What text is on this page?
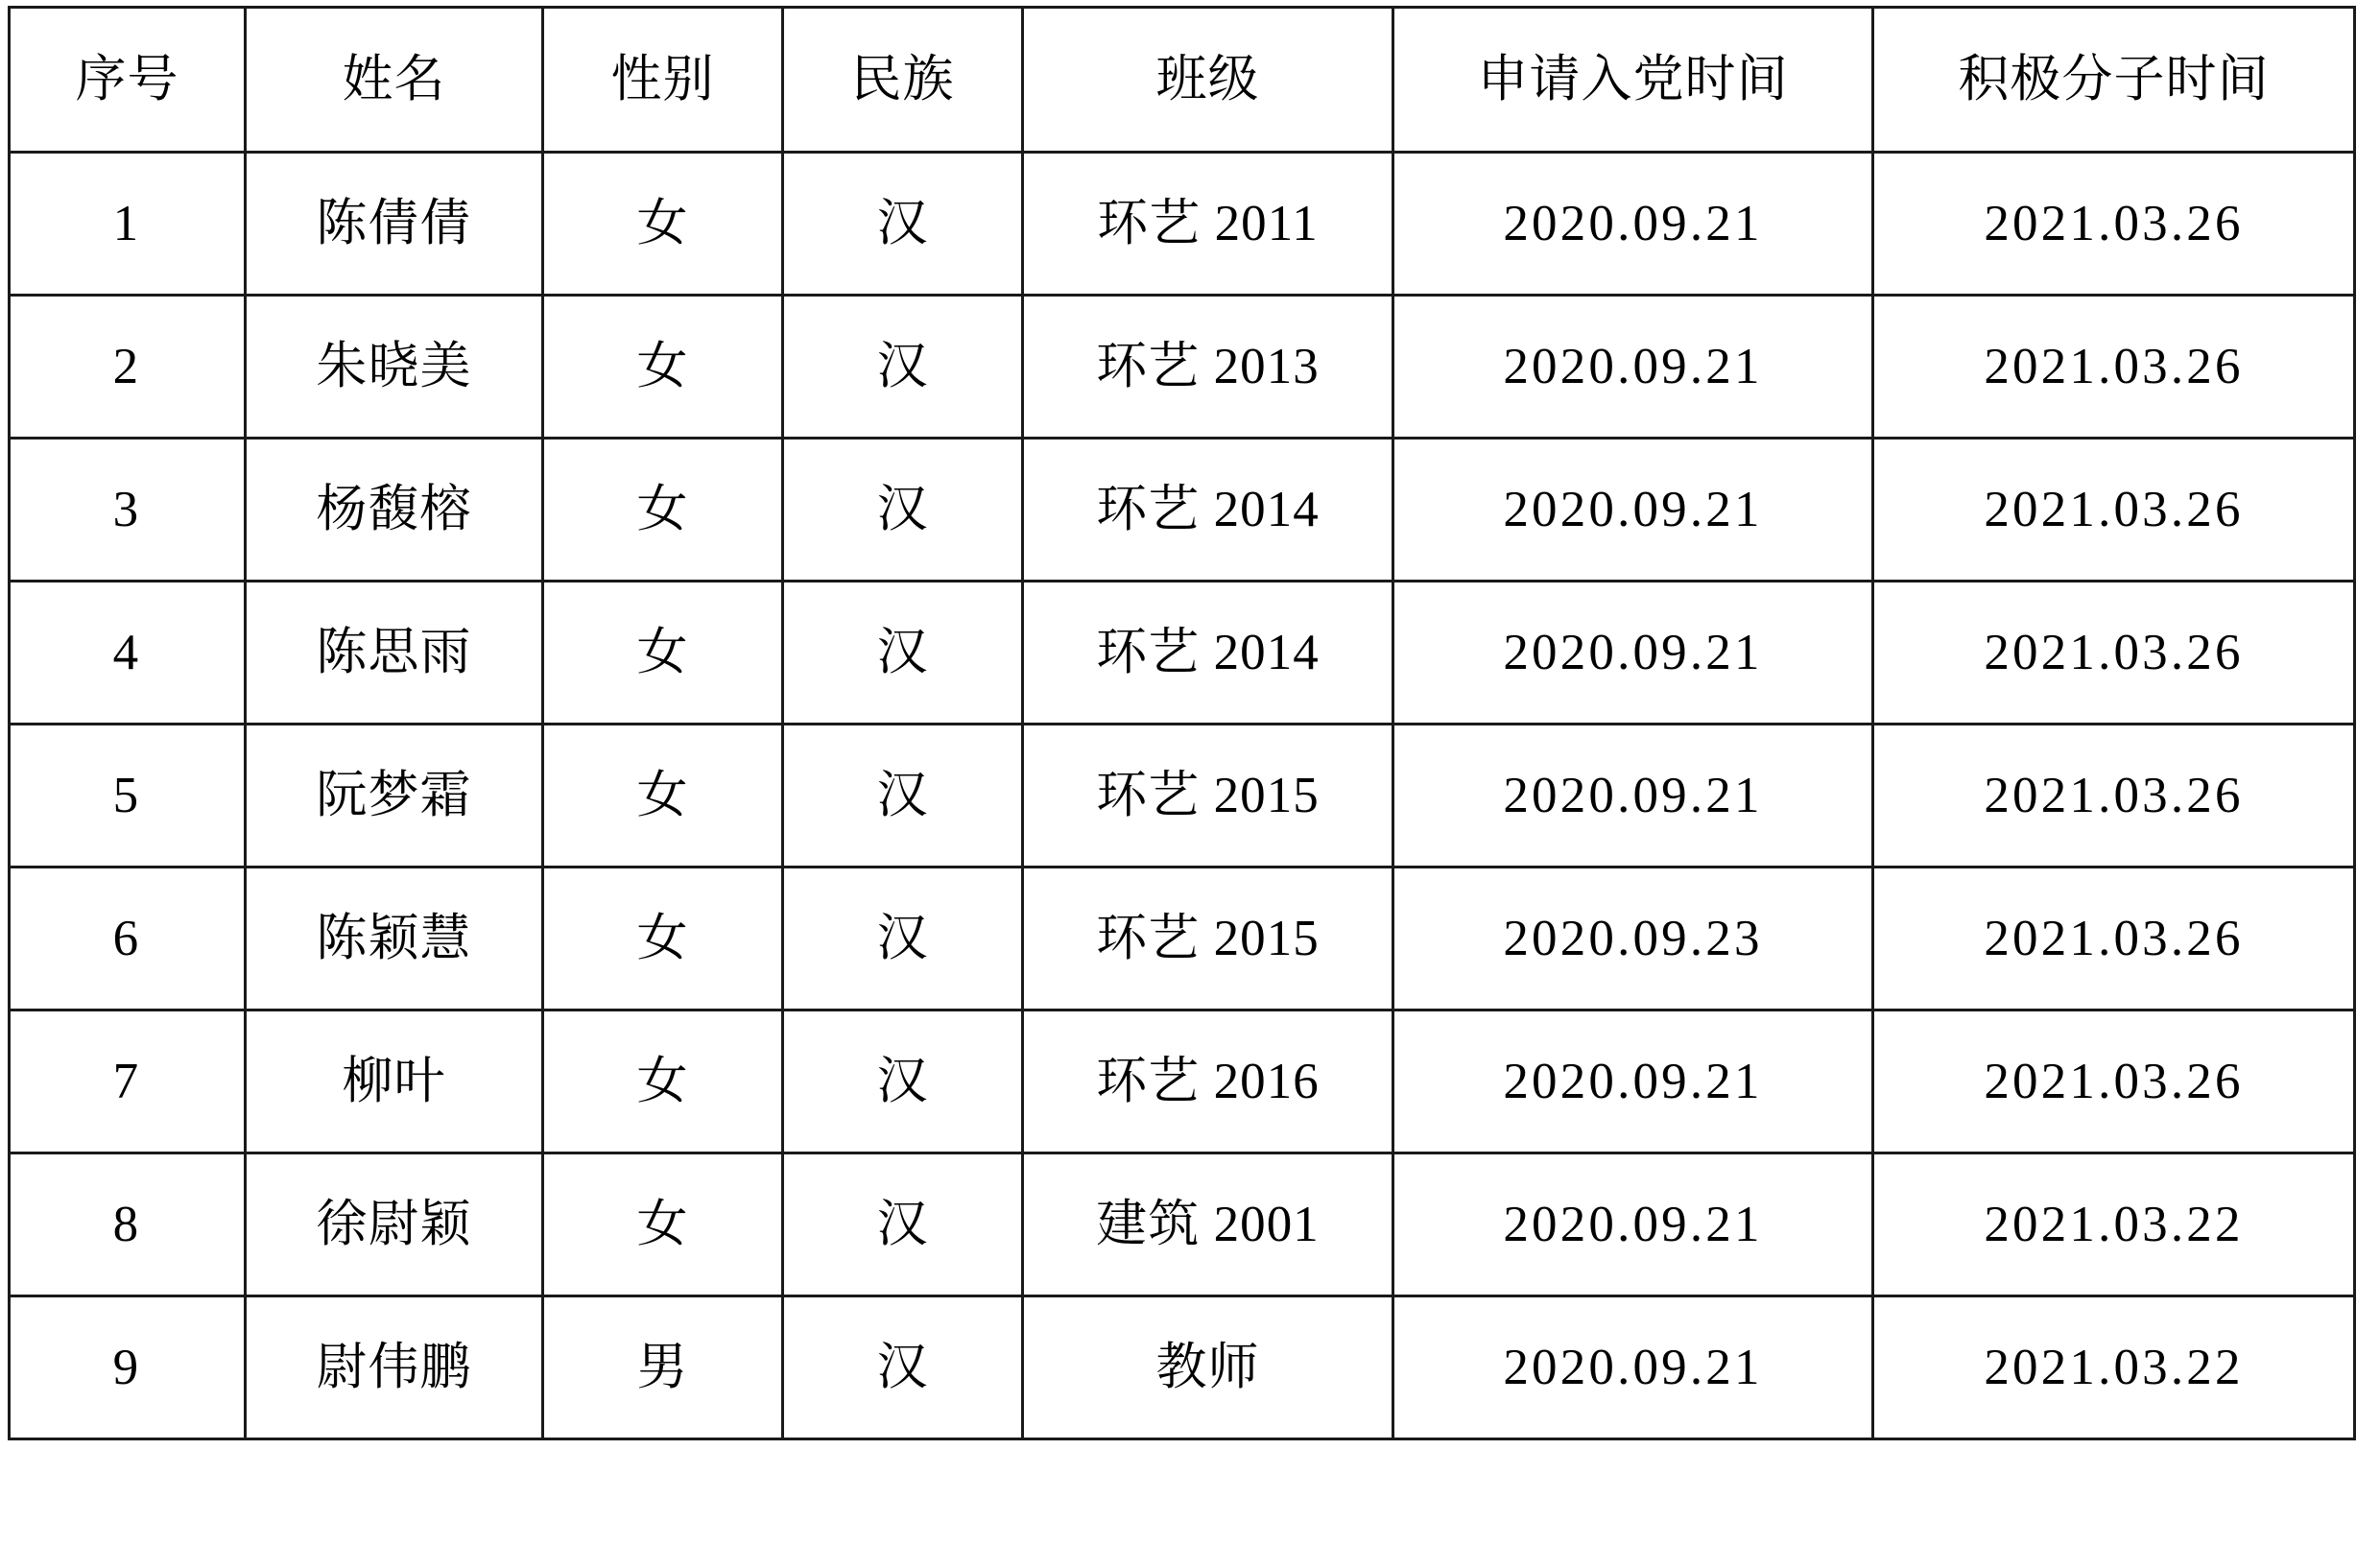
序号	姓名	性别	民族	班级	申请入党时间	积极分子时间
1	陈倩倩	女	汉	环艺 2011	2020.09.21	2021.03.26
2	朱晓美	女	汉	环艺 2013	2020.09.21	2021.03.26
3	杨馥榕	女	汉	环艺 2014	2020.09.21	2021.03.26
4	陈思雨	女	汉	环艺 2014	2020.09.21	2021.03.26
5	阮梦霜	女	汉	环艺 2015	2020.09.21	2021.03.26
6	陈颖慧	女	汉	环艺 2015	2020.09.23	2021.03.26
7	柳叶	女	汉	环艺 2016	2020.09.21	2021.03.26
8	徐尉颖	女	汉	建筑 2001	2020.09.21	2021.03.22
9	尉伟鹏	男	汉	教师	2020.09.21	2021.03.22
